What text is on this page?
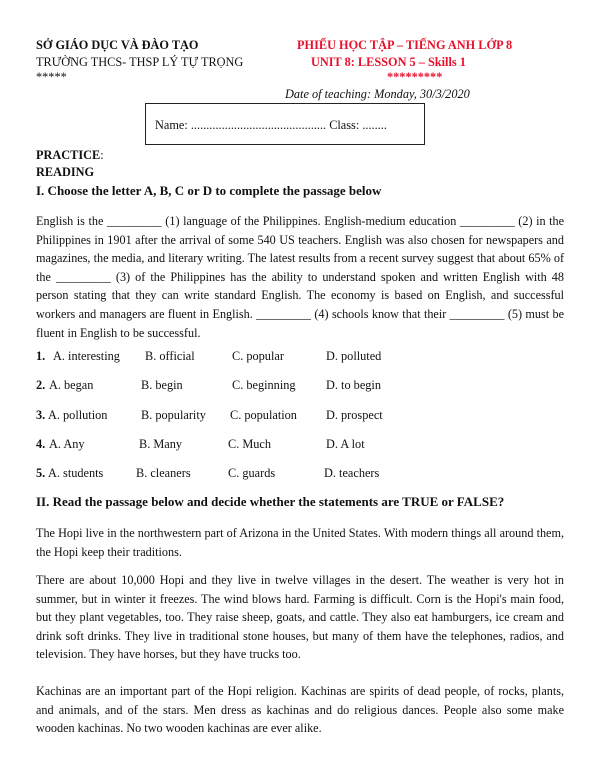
SỞ GIÁO DỤC VÀ ĐÀO TẠO
TRƯỜNG THCS- THSP LÝ TỰ TRỌNG
*****
PHIẾU HỌC TẬP – TIẾNG ANH LỚP 8
UNIT 8: LESSON 5 – Skills 1
*********
Date of teaching: Monday, 30/3/2020
Name: ............................................ Class: ........
PRACTICE:
READING
I. Choose the letter A, B, C or D to complete the passage below
English is the _________ (1) language of the Philippines. English-medium education _________ (2) in the Philippines in 1901 after the arrival of some 540 US teachers. English was also chosen for newspapers and magazines, the media, and literary writing. The latest results from a recent survey suggest that about 65% of the _________ (3) of the Philippines has the ability to understand spoken and written English with 48 person stating that they can write standard English. The economy is based on English, and successful workers and managers are fluent in English. _________ (4) schools know that their _________ (5) must be fluent in English to be successful.
1. A. interesting B. official	C. popular	D. polluted
2. A. began	B. begin	C. beginning D. to begin
3. A. pollution	B. popularity C. population D. prospect
4. A. Any	B. Many	C. Much	D. A lot
5. A. students	B. cleaners	C. guards	D. teachers
II. Read the passage below and decide whether the statements are TRUE or FALSE?
The Hopi live in the northwestern part of Arizona in the United States. With modern things all around them, the Hopi keep their traditions.
There are about 10,000 Hopi and they live in twelve villages in the desert. The weather is very hot in summer, but in winter it freezes. The wind blows hard. Farming is difficult. Corn is the Hopi's main food, but they plant vegetables, too. They raise sheep, goats, and cattle. They also eat hamburgers, ice cream and drink soft drinks. They live in traditional stone houses, but many of them have the telephones, radios, and television. They have horses, but they have trucks too.
Kachinas are an important part of the Hopi religion. Kachinas are spirits of dead people, of rocks, plants, and animals, and of the stars. Men dress as kachinas and do religious dances. People also some make wooden kachinas. No two wooden kachinas are ever alike.
